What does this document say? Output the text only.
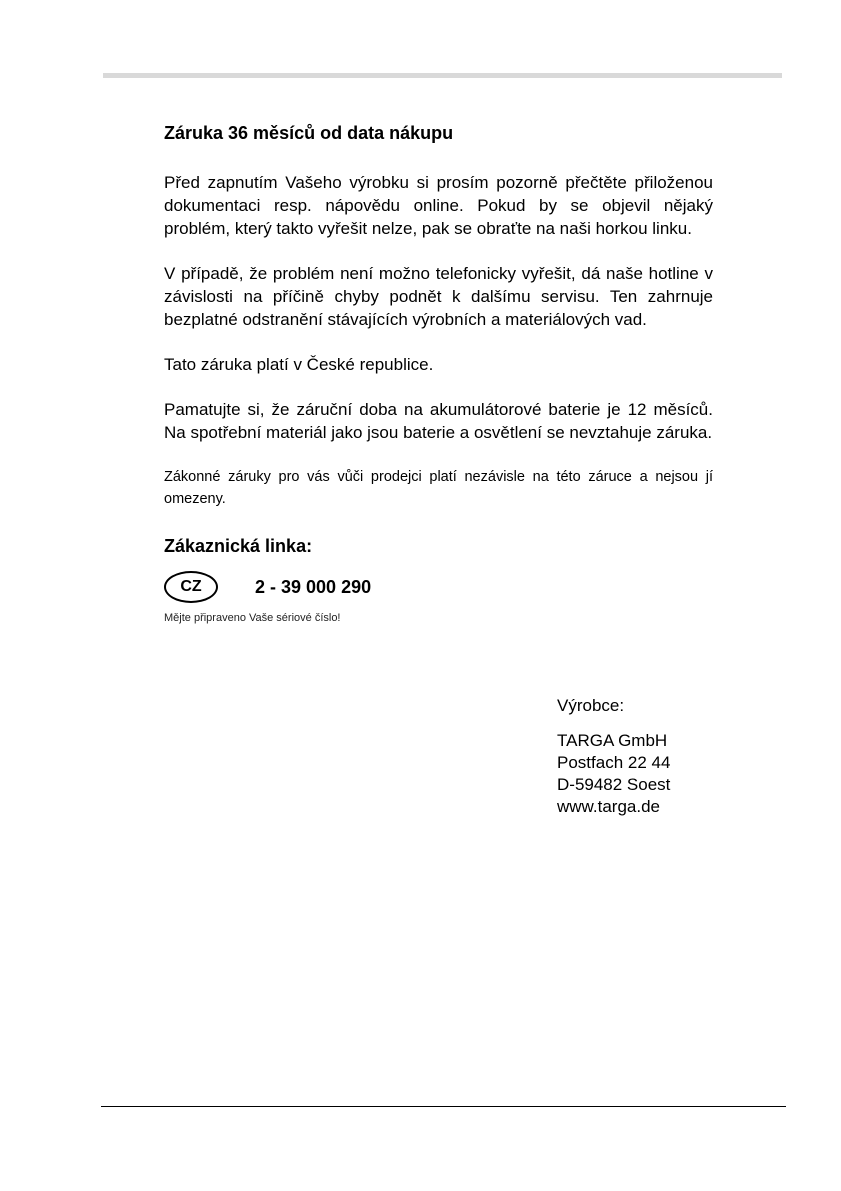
Záruka 36 měsíců od data nákupu

Před zapnutím Vašeho výrobku si prosím pozorně přečtěte přiloženou dokumentaci resp. nápovědu online. Pokud by se objevil nějaký problém, který takto vyřešit nelze, pak se obraťte na naši horkou linku.

V případě, že problém není možno telefonicky vyřešit, dá naše hotline v závislosti na příčině chyby podnět k dalšímu servisu. Ten zahrnuje bezplatné odstranění stávajících výrobních a materiálových vad.

Tato záruka platí v České republice.

Pamatujte si, že záruční doba na akumulátorové baterie je 12 měsíců. Na spotřební materiál jako jsou baterie a osvětlení se nevztahuje záruka.

Zákonné záruky pro vás vůči prodejci platí nezávisle na této záruce a nejsou jí omezeny.

Zákaznická linka:
CZ	2 - 39 000 290
Mějte připraveno Vaše sériové číslo!
Výrobce:
TARGA GmbH
Postfach 22 44
D-59482 Soest
www.targa.de
